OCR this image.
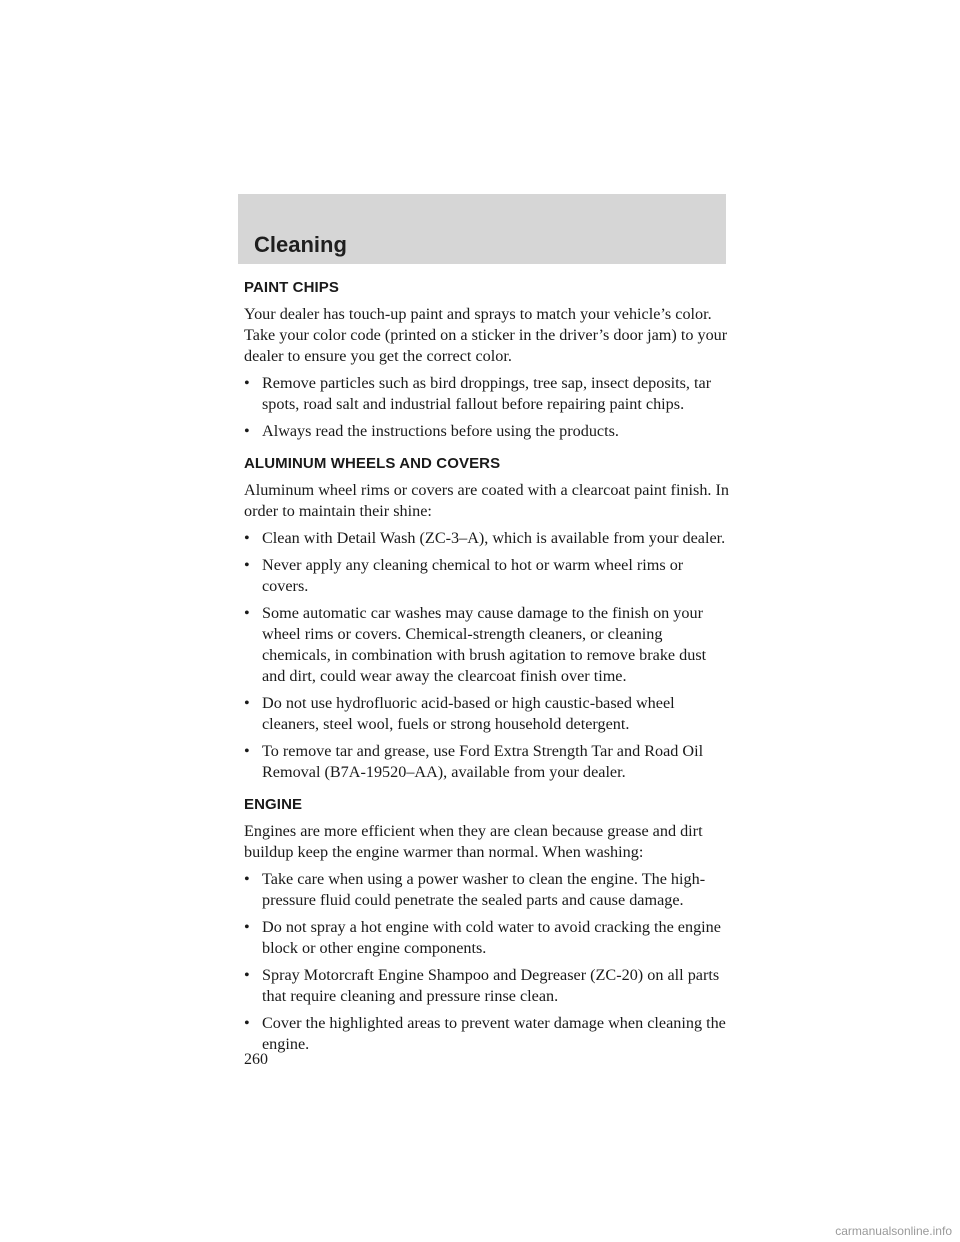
Cleaning
PAINT CHIPS

Your dealer has touch-up paint and sprays to match your vehicle’s color. Take your color code (printed on a sticker in the driver’s door jam) to your dealer to ensure you get the correct color.

• Remove particles such as bird droppings, tree sap, insect deposits, tar spots, road salt and industrial fallout before repairing paint chips.
• Always read the instructions before using the products.
ALUMINUM WHEELS AND COVERS

Aluminum wheel rims or covers are coated with a clearcoat paint finish. In order to maintain their shine:

• Clean with Detail Wash (ZC-3–A), which is available from your dealer.
• Never apply any cleaning chemical to hot or warm wheel rims or covers.
• Some automatic car washes may cause damage to the finish on your wheel rims or covers. Chemical-strength cleaners, or cleaning chemicals, in combination with brush agitation to remove brake dust and dirt, could wear away the clearcoat finish over time.
• Do not use hydrofluoric acid-based or high caustic-based wheel cleaners, steel wool, fuels or strong household detergent.
• To remove tar and grease, use Ford Extra Strength Tar and Road Oil Removal (B7A-19520–AA), available from your dealer.
ENGINE

Engines are more efficient when they are clean because grease and dirt buildup keep the engine warmer than normal. When washing:

• Take care when using a power washer to clean the engine. The high-pressure fluid could penetrate the sealed parts and cause damage.
• Do not spray a hot engine with cold water to avoid cracking the engine block or other engine components.
• Spray Motorcraft Engine Shampoo and Degreaser (ZC-20) on all parts that require cleaning and pressure rinse clean.
• Cover the highlighted areas to prevent water damage when cleaning the engine.
260
carmanualsonline.info
